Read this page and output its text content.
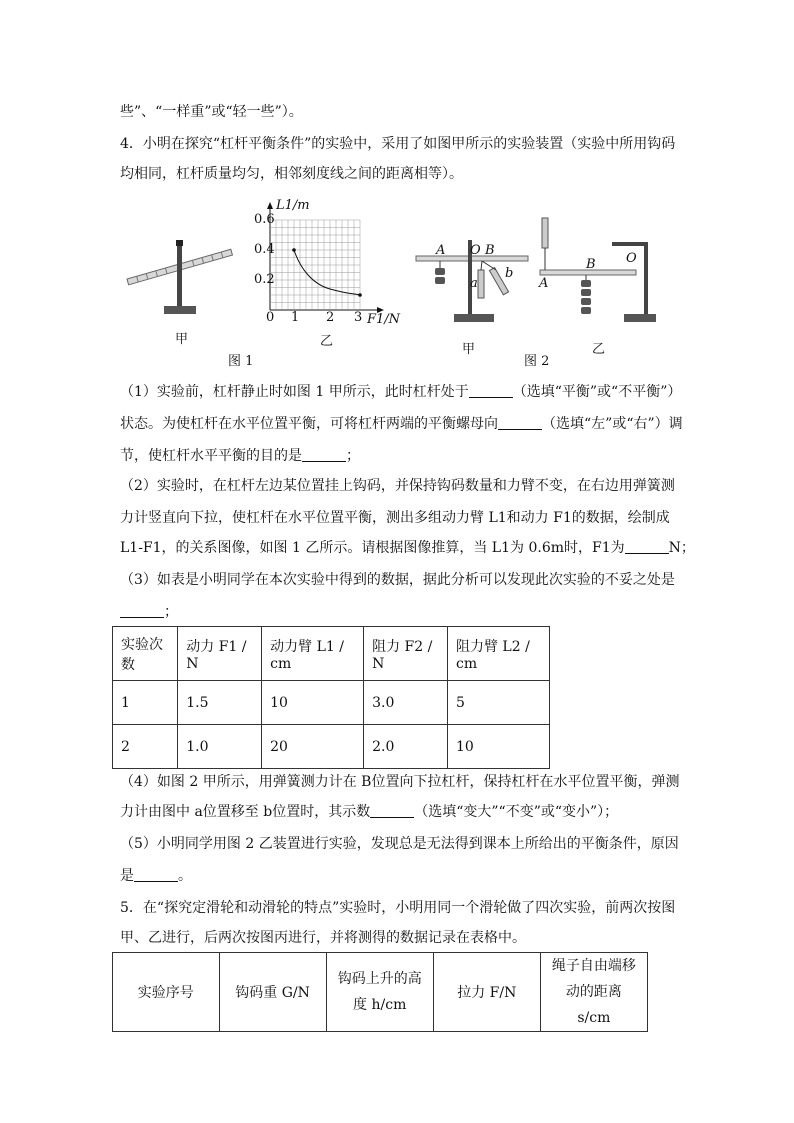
些”、“一样重”或“轻一些”）。
4．小明在探究“杠杆平衡条件”的实验中，采用了如图甲所示的实验装置（实验中所用钩码
均相同，杠杆质量均匀，相邻刻度线之间的距离相等）。
甲
L1/m
0.6
0.4
0.2
0 1 2 3 F1/N
乙
图 1
A O B
a
b
甲
O
B
A
乙
图 2
（1）实验前，杠杆静止时如图 1 甲所示，此时杠杆处于	（选填“平衡”或“不平衡”）
状态。为使杠杆在水平位置平衡，可将杠杆两端的平衡螺母向	（选填“左”或“右”）调
节，使杠杆水平平衡的目的是	；
（2）实验时，在杠杆左边某位置挂上钩码，并保持钩码数量和力臂不变，在右边用弹簧测
力计竖直向下拉，使杠杆在水平位置平衡，测出多组动力臂 L1和动力 F1的数据，绘制成
L1-F1，的关系图像，如图 1 乙所示。请根据图像推算，当 L1为 0.6m时，F1为	N；
（3）如表是小明同学在本次实验中得到的数据，据此分析可以发现此次实验的不妥之处是
；
实验次数	动力 F1 / N	动力臂 L1 / cm	阻力 F2 / N	阻力臂 L2 / cm
1	1.5	10	3.0	5
2	1.0	20	2.0	10
（4）如图 2 甲所示，用弹簧测力计在 B位置向下拉杠杆，保持杠杆在水平位置平衡，弹测
力计由图中 a位置移至 b位置时，其示数	（选填“变大”“不变”或“变小”）；
（5）小明同学用图 2 乙装置进行实验，发现总是无法得到课本上所给出的平衡条件，原因
是	。
5．在“探究定滑轮和动滑轮的特点”实验时，小明用同一个滑轮做了四次实验，前两次按图
甲、乙进行，后两次按图丙进行，并将测得的数据记录在表格中。
实验序号	钩码重 G/N	钩码上升的高度 h/cm	拉力 F/N	绳子自由端移动的距离 s/cm
